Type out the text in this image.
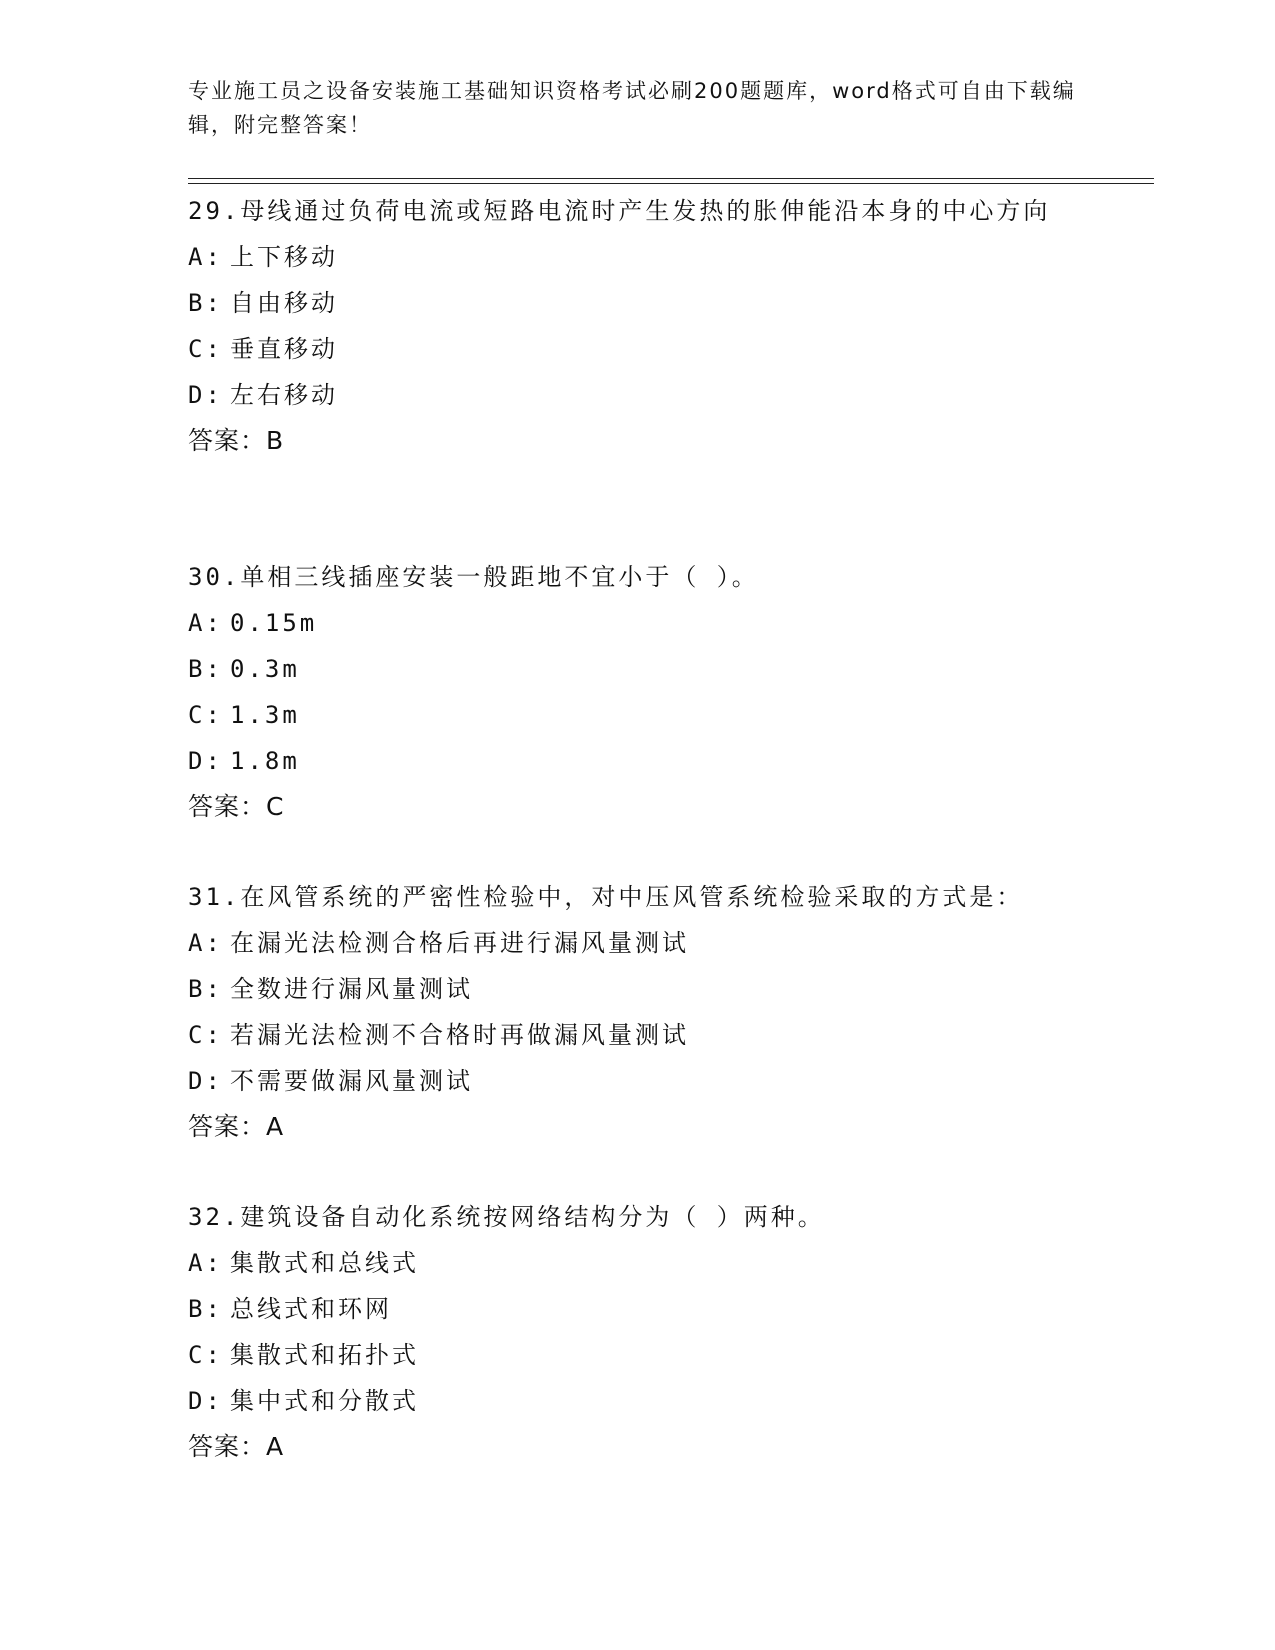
专业施工员之设备安装施工基础知识资格考试必刷200题题库，word格式可自由下载编辑，附完整答案！

29.母线通过负荷电流或短路电流时产生发热的胀伸能沿本身的中心方向

A: 上下移动

B: 自由移动

C: 垂直移动

D: 左右移动

答案：B

30.单相三线插座安装一般距地不宜小于（ ）。

A: 0.15m

B: 0.3m

C: 1.3m

D: 1.8m

答案：C

31.在风管系统的严密性检验中，对中压风管系统检验采取的方式是：

A: 在漏光法检测合格后再进行漏风量测试

B: 全数进行漏风量测试

C: 若漏光法检测不合格时再做漏风量测试

D: 不需要做漏风量测试

答案：A

32.建筑设备自动化系统按网络结构分为（ ）两种。

A: 集散式和总线式

B: 总线式和环网

C: 集散式和拓扑式

D: 集中式和分散式

答案：A
